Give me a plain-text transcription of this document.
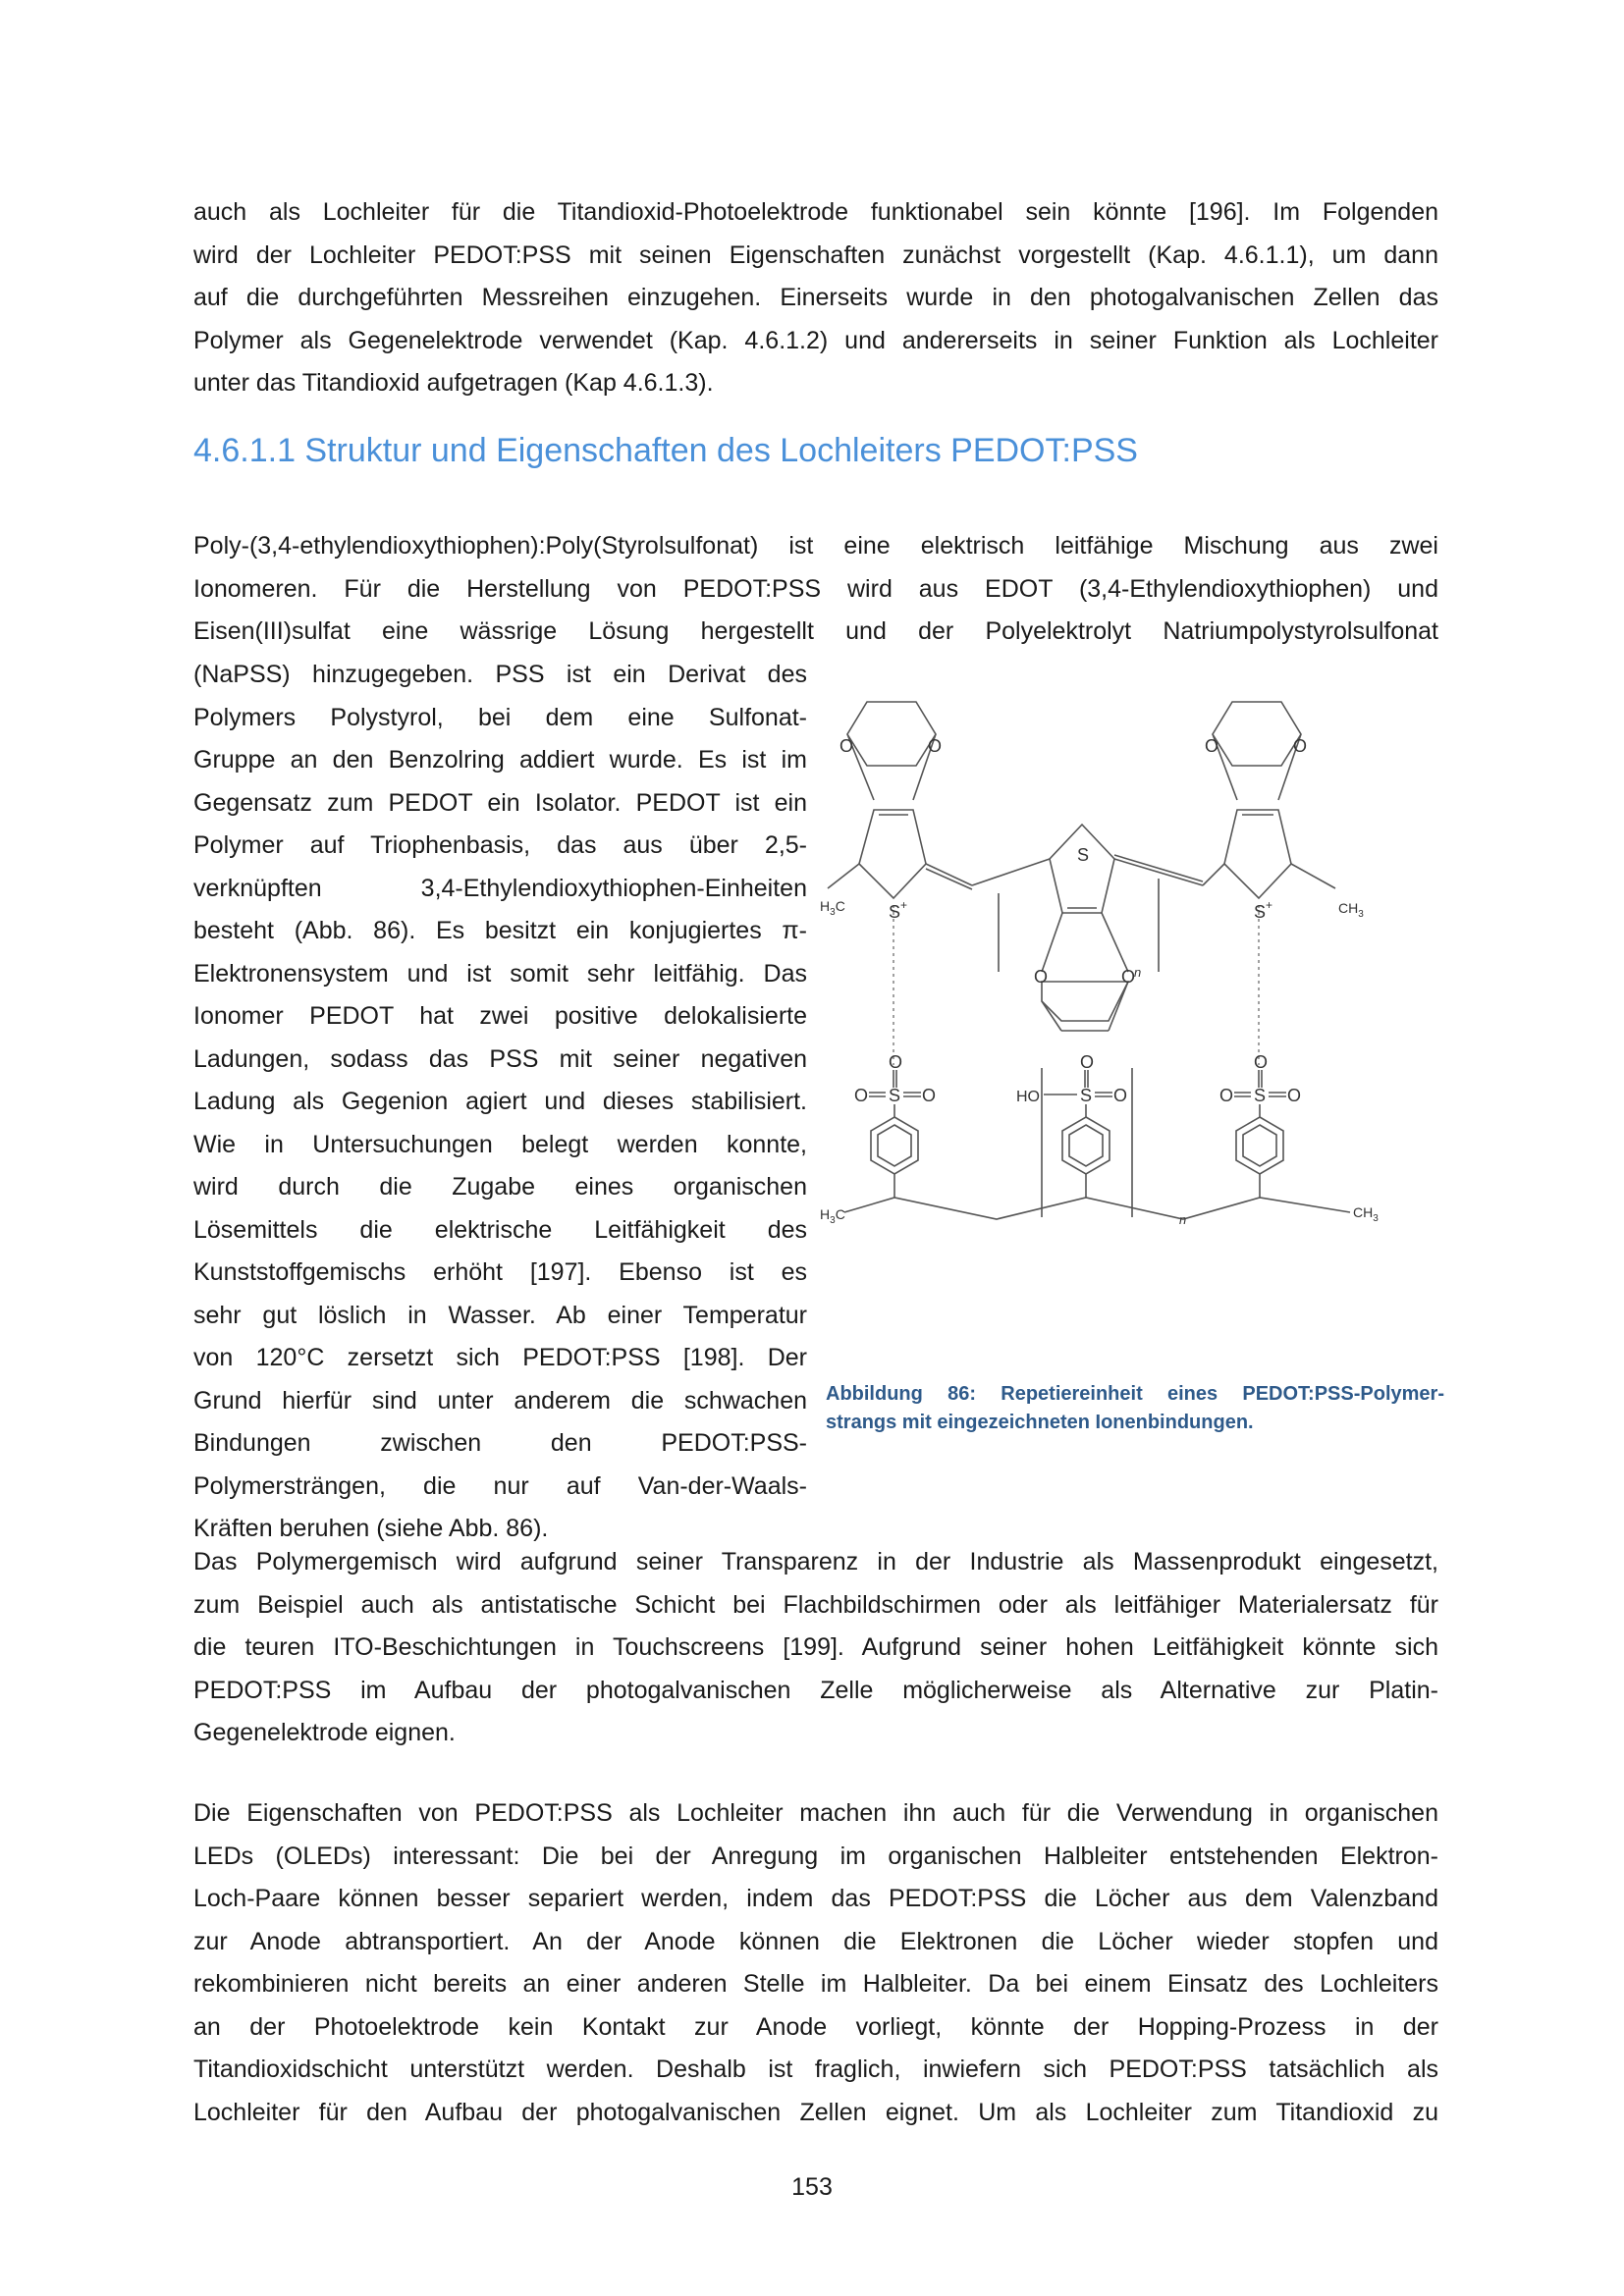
auch als Lochleiter für die Titandioxid-Photoelektrode funktionabel sein könnte [196]. Im Folgenden
wird der Lochleiter PEDOT:PSS mit seinen Eigenschaften zunächst vorgestellt (Kap. 4.6.1.1), um dann
auf die durchgeführten Messreihen einzugehen. Einerseits wurde in den photogalvanischen Zellen das
Polymer als Gegenelektrode verwendet (Kap. 4.6.1.2) und andererseits in seiner Funktion als Lochleiter
unter das Titandioxid aufgetragen (Kap 4.6.1.3).
4.6.1.1 Struktur und Eigenschaften des Lochleiters PEDOT:PSS
Poly-(3,4-ethylendioxythiophen):Poly(Styrolsulfonat) ist eine elektrisch leitfähige Mischung aus zwei
Ionomeren. Für die Herstellung von PEDOT:PSS wird aus EDOT (3,4-Ethylendioxythiophen) und
Eisen(III)sulfat eine wässrige Lösung hergestellt und der Polyelektrolyt Natriumpolystyrolsulfonat
(NaPSS) hinzugegeben. PSS ist ein Derivat des
Polymers Polystyrol, bei dem eine Sulfonat-
Gruppe an den Benzolring addiert wurde. Es ist im
Gegensatz zum PEDOT ein Isolator. PEDOT ist ein
Polymer auf Triophenbasis, das aus über 2,5-
verknüpften 3,4-Ethylendioxythiophen-Einheiten
besteht (Abb. 86). Es besitzt ein konjugiertes π-
Elektronensystem und ist somit sehr leitfähig. Das
Ionomer PEDOT hat zwei positive delokalisierte
Ladungen, sodass das PSS mit seiner negativen
Ladung als Gegenion agiert und dieses stabilisiert.
Wie in Untersuchungen belegt werden konnte,
wird durch die Zugabe eines organischen
Lösemittels die elektrische Leitfähigkeit des
Kunststoffgemischs erhöht [197]. Ebenso ist es
sehr gut löslich in Wasser. Ab einer Temperatur
von 120°C zersetzt sich PEDOT:PSS [198]. Der
Grund hierfür sind unter anderem die schwachen
Bindungen zwischen den PEDOT:PSS-
Polymersträngen, die nur auf Van-der-Waals-
Kräften beruhen (siehe Abb. 86).
O	O	O	O
O	O
S
S +	S +
n
n
$H_3C$	$CH_3$
O	O	O
O S O	HO S O	O S O
$H_3C$	$CH_3$
Abbildung 86: Repetiereinheit eines PEDOT:PSS-Polymer-
strangs mit eingezeichneten Ionenbindungen.
Das Polymergemisch wird aufgrund seiner Transparenz in der Industrie als Massenprodukt eingesetzt,
zum Beispiel auch als antistatische Schicht bei Flachbildschirmen oder als leitfähiger Materialersatz für
die teuren ITO-Beschichtungen in Touchscreens [199]. Aufgrund seiner hohen Leitfähigkeit könnte sich
PEDOT:PSS im Aufbau der photogalvanischen Zelle möglicherweise als Alternative zur Platin-
Gegenelektrode eignen.
Die Eigenschaften von PEDOT:PSS als Lochleiter machen ihn auch für die Verwendung in organischen
LEDs (OLEDs) interessant: Die bei der Anregung im organischen Halbleiter entstehenden Elektron-
Loch-Paare können besser separiert werden, indem das PEDOT:PSS die Löcher aus dem Valenzband
zur Anode abtransportiert. An der Anode können die Elektronen die Löcher wieder stopfen und
rekombinieren nicht bereits an einer anderen Stelle im Halbleiter. Da bei einem Einsatz des Lochleiters
an der Photoelektrode kein Kontakt zur Anode vorliegt, könnte der Hopping-Prozess in der
Titandioxidschicht unterstützt werden. Deshalb ist fraglich, inwiefern sich PEDOT:PSS tatsächlich als
Lochleiter für den Aufbau der photogalvanischen Zellen eignet. Um als Lochleiter zum Titandioxid zu
153
